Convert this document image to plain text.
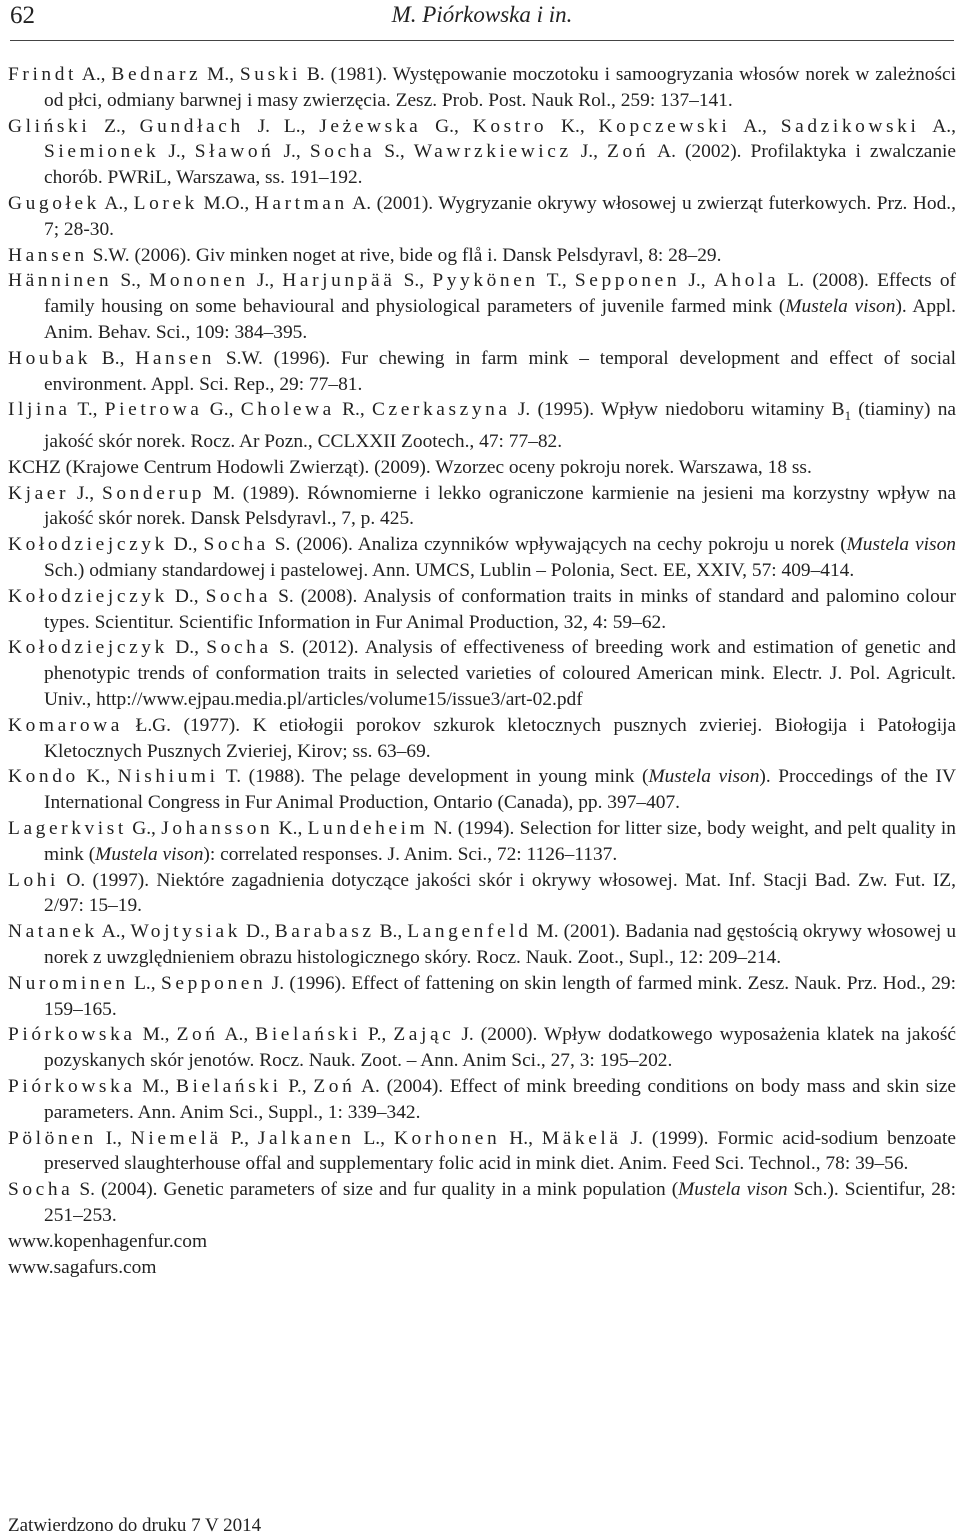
62	M. Piórkowska i in.

Frindt A., Bednarz M., Suski B. (1981). Występowanie moczotoku i samoogryzania włosów norek w zależności od płci, odmiany barwnej i masy zwierzęcia. Zesz. Prob. Post. Nauk Rol., 259: 137–141.

Gliński Z., Gundłach J. L., Jeżewska G., Kostro K., Kopczewski A., Sadzikowski A., Siemionek J., Sławoń J., Socha S., Wawrzkiewicz J., Zoń A. (2002). Profilaktyka i zwalczanie chorób. PWRiL, Warszawa, ss. 191–192.

Gugołek A., Lorek M.O., Hartman A. (2001). Wygryzanie okrywy włosowej u zwierząt futerkowych. Prz. Hod., 7; 28-30.

Hansen S.W. (2006). Giv minken noget at rive, bide og flå i. Dansk Pelsdyravl, 8: 28–29.

Hänninen S., Mononen J., Harjunpää S., Pyykönen T., Sepponen J., Ahola L. (2008). Effects of family housing on some behavioural and physiological parameters of juvenile farmed mink (Mustela vison). Appl. Anim. Behav. Sci., 109: 384–395.

Houbak B., Hansen S.W. (1996). Fur chewing in farm mink – temporal development and effect of social environment. Appl. Sci. Rep., 29: 77–81.

Iljina T., Pietrowa G., Cholewa R., Czerkaszyna J. (1995). Wpływ niedoboru witaminy $B_1$ (tiaminy) na jakość skór norek. Rocz. Ar Pozn., CCLXXII Zootech., 47: 77–82.

KCHZ (Krajowe Centrum Hodowli Zwierząt). (2009). Wzorzec oceny pokroju norek. Warszawa, 18 ss.

Kjaer J., Sonderup M. (1989). Równomierne i lekko ograniczone karmienie na jesieni ma korzystny wpływ na jakość skór norek. Dansk Pelsdyravl., 7, p. 425.

Kołodziejczyk D., Socha S. (2006). Analiza czynników wpływających na cechy pokroju u norek (Mustela vison Sch.) odmiany standardowej i pastelowej. Ann. UMCS, Lublin – Polonia, Sect. EE, XXIV, 57: 409–414.

Kołodziejczyk D., Socha S. (2008). Analysis of conformation traits in minks of standard and palomino colour types. Scientitur. Scientific Information in Fur Animal Production, 32, 4: 59–62.

Kołodziejczyk D., Socha S. (2012). Analysis of effectiveness of breeding work and estimation of genetic and phenotypic trends of conformation traits in selected varieties of coloured American mink. Electr. J. Pol. Agricult. Univ., http://www.ejpau.media.pl/articles/volume15/issue3/art-02.pdf

Komarowa Ł.G. (1977). K etiołogii porokov szkurok kletocznych pusznych zvieriej. Biołogija i Patołogija Kletocznych Pusznych Zvieriej, Kirov; ss. 63–69.

Kondo K., Nishiumi T. (1988). The pelage development in young mink (Mustela vison). Proccedings of the IV International Congress in Fur Animal Production, Ontario (Canada), pp. 397–407.

Lagerkvist G., Johansson K., Lundeheim N. (1994). Selection for litter size, body weight, and pelt quality in mink (Mustela vison): correlated responses. J. Anim. Sci., 72: 1126–1137.

Lohi O. (1997). Niektóre zagadnienia dotyczące jakości skór i okrywy włosowej. Mat. Inf. Stacji Bad. Zw. Fut. IZ, 2/97: 15–19.

Natanek A., Wojtysiak D., Barabasz B., Langenfeld M. (2001). Badania nad gęstością okrywy włosowej u norek z uwzględnieniem obrazu histologicznego skóry. Rocz. Nauk. Zoot., Supl., 12: 209–214.

Nurominen L., Sepponen J. (1996). Effect of fattening on skin length of farmed mink. Zesz. Nauk. Prz. Hod., 29: 159–165.

Piórkowska M., Zoń A., Bielański P., Zając J. (2000). Wpływ dodatkowego wyposażenia klatek na jakość pozyskanych skór jenotów. Rocz. Nauk. Zoot. – Ann. Anim Sci., 27, 3: 195–202.

Piórkowska M., Bielański P., Zoń A. (2004). Effect of mink breeding conditions on body mass and skin size parameters. Ann. Anim Sci., Suppl., 1: 339–342.

Pölönen I., Niemelä P., Jalkanen L., Korhonen H., Mäkelä J. (1999). Formic acid-sodium benzoate preserved slaughterhouse offal and supplementary folic acid in mink diet. Anim. Feed Sci. Technol., 78: 39–56.

Socha S. (2004). Genetic parameters of size and fur quality in a mink population (Mustela vison Sch.). Scientifur, 28: 251–253.

www.kopenhagenfur.com

www.sagafurs.com

Zatwierdzono do druku 7 V 2014
